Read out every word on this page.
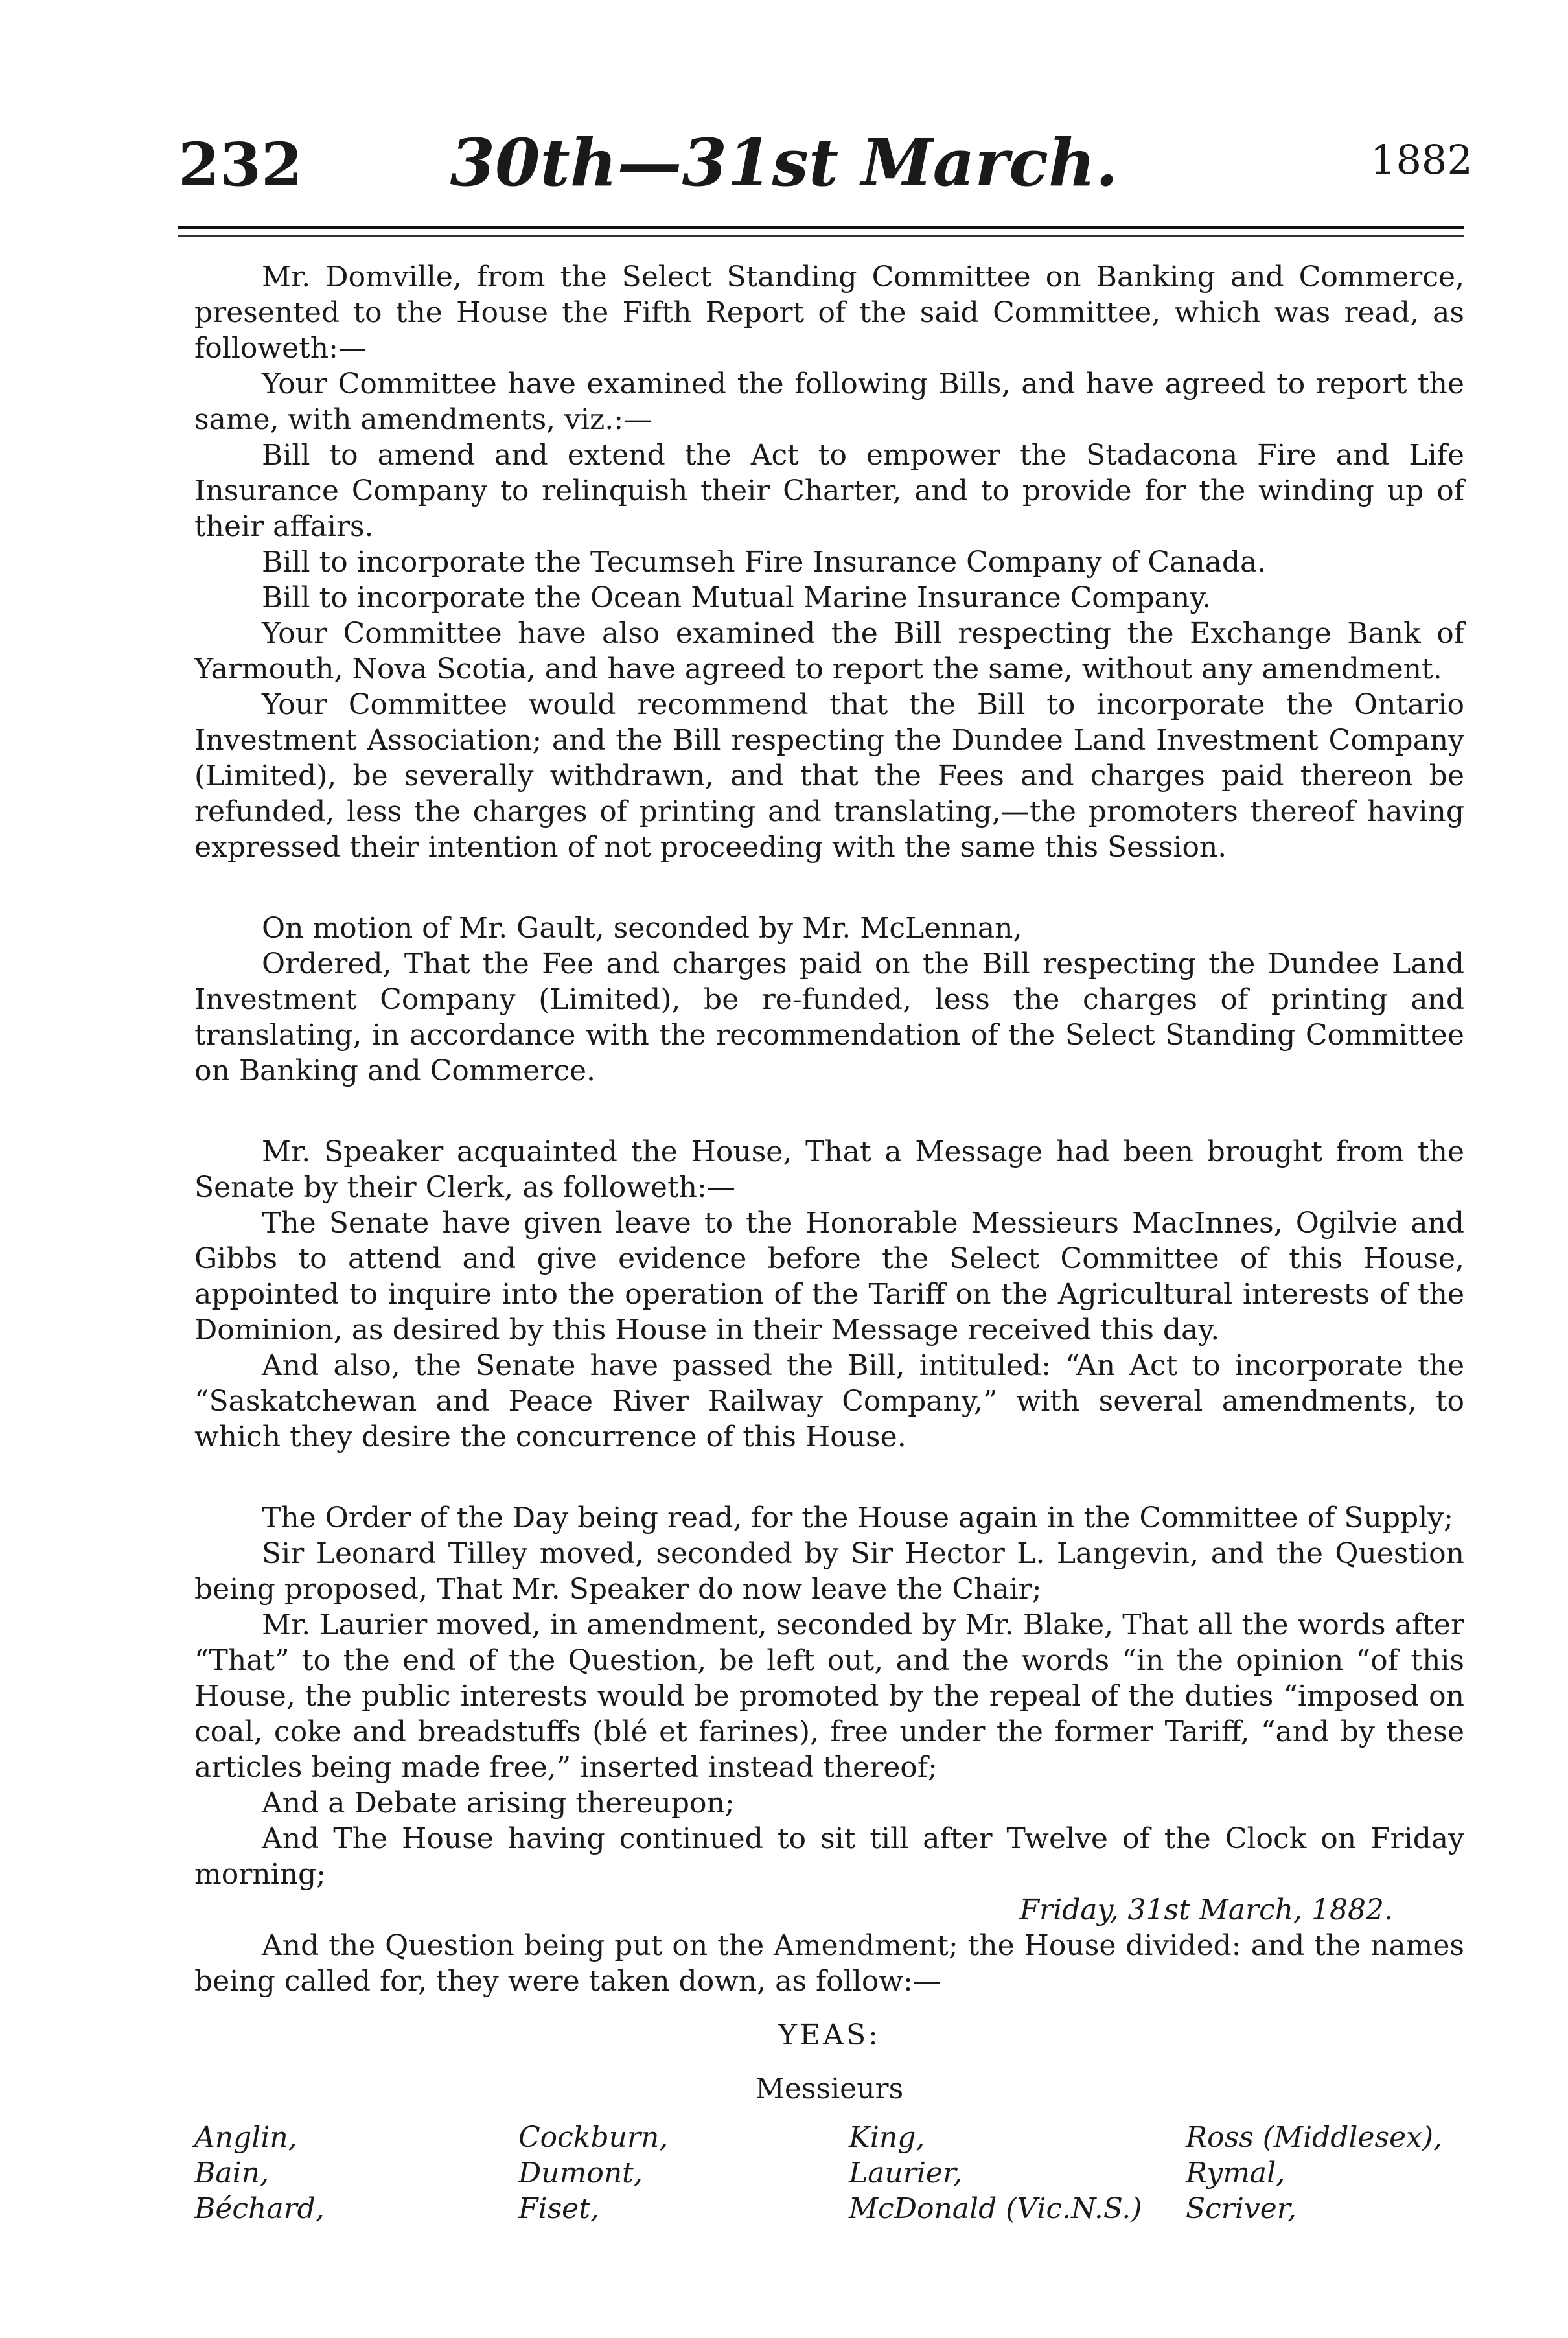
232	30th—31st March.	1882

Mr. Domville, from the Select Standing Committee on Banking and Commerce, presented to the House the Fifth Report of the said Committee, which was read, as followeth:—

Your Committee have examined the following Bills, and have agreed to report the same, with amendments, viz.:—

Bill to amend and extend the Act to empower the Stadacona Fire and Life Insurance Company to relinquish their Charter, and to provide for the winding up of their affairs.

Bill to incorporate the Tecumseh Fire Insurance Company of Canada.

Bill to incorporate the Ocean Mutual Marine Insurance Company.

Your Committee have also examined the Bill respecting the Exchange Bank of Yarmouth, Nova Scotia, and have agreed to report the same, without any amendment.

Your Committee would recommend that the Bill to incorporate the Ontario Investment Association; and the Bill respecting the Dundee Land Investment Company (Limited), be severally withdrawn, and that the Fees and charges paid thereon be refunded, less the charges of printing and translating,—the promoters thereof having expressed their intention of not proceeding with the same this Session.

On motion of Mr. Gault, seconded by Mr. McLennan,

Ordered, That the Fee and charges paid on the Bill respecting the Dundee Land Investment Company (Limited), be re-funded, less the charges of printing and translating, in accordance with the recommendation of the Select Standing Committee on Banking and Commerce.

Mr. Speaker acquainted the House, That a Message had been brought from the Senate by their Clerk, as followeth:—

The Senate have given leave to the Honorable Messieurs MacInnes, Ogilvie and Gibbs to attend and give evidence before the Select Committee of this House, appointed to inquire into the operation of the Tariff on the Agricultural interests of the Dominion, as desired by this House in their Message received this day.

And also, the Senate have passed the Bill, intituled: “An Act to incorporate the “Saskatchewan and Peace River Railway Company,” with several amendments, to which they desire the concurrence of this House.

The Order of the Day being read, for the House again in the Committee of Supply;

Sir Leonard Tilley moved, seconded by Sir Hector L. Langevin, and the Question being proposed, That Mr. Speaker do now leave the Chair;

Mr. Laurier moved, in amendment, seconded by Mr. Blake, That all the words after “That” to the end of the Question, be left out, and the words “in the opinion “of this House, the public interests would be promoted by the repeal of the duties “imposed on coal, coke and breadstuffs (blé et farines), free under the former Tariff, “and by these articles being made free,” inserted instead thereof;

And a Debate arising thereupon;

And The House having continued to sit till after Twelve of the Clock on Friday morning;

Friday, 31st March, 1882.

And the Question being put on the Amendment; the House divided: and the names being called for, they were taken down, as follow:—

YEAS:

Messieurs

Anglin,
Bain,
Béchard,
Cockburn,
Dumont,
Fiset,
King,
Laurier,
McDonald (Vic.N.S.)
Ross (Middlesex),
Rymal,
Scriver,
